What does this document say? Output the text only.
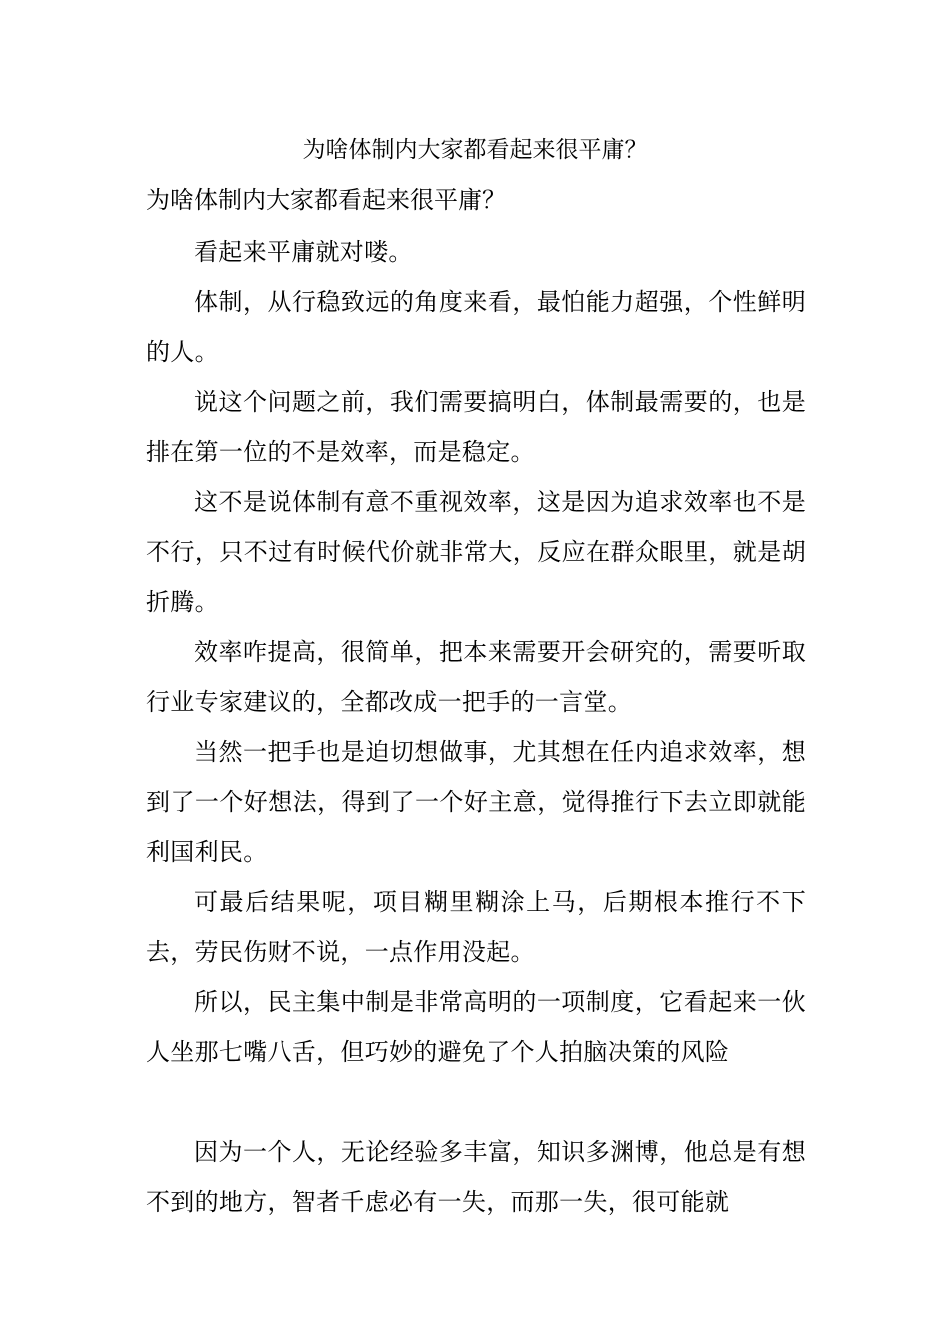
为啥体制内大家都看起来很平庸？
为啥体制内大家都看起来很平庸？

看起来平庸就对喽。

体制，从行稳致远的角度来看，最怕能力超强，个性鲜明的人。

说这个问题之前，我们需要搞明白，体制最需要的，也是排在第一位的不是效率，而是稳定。

这不是说体制有意不重视效率，这是因为追求效率也不是不行，只不过有时候代价就非常大，反应在群众眼里，就是胡折腾。

效率咋提高，很简单，把本来需要开会研究的，需要听取行业专家建议的，全都改成一把手的一言堂。

当然一把手也是迫切想做事，尤其想在任内追求效率，想到了一个好想法，得到了一个好主意，觉得推行下去立即就能利国利民。

可最后结果呢，项目糊里糊涂上马，后期根本推行不下去，劳民伤财不说，一点作用没起。

所以，民主集中制是非常高明的一项制度，它看起来一伙人坐那七嘴八舌，但巧妙的避免了个人拍脑决策的风险

因为一个人，无论经验多丰富，知识多渊博，他总是有想不到的地方，智者千虑必有一失，而那一失，很可能就
